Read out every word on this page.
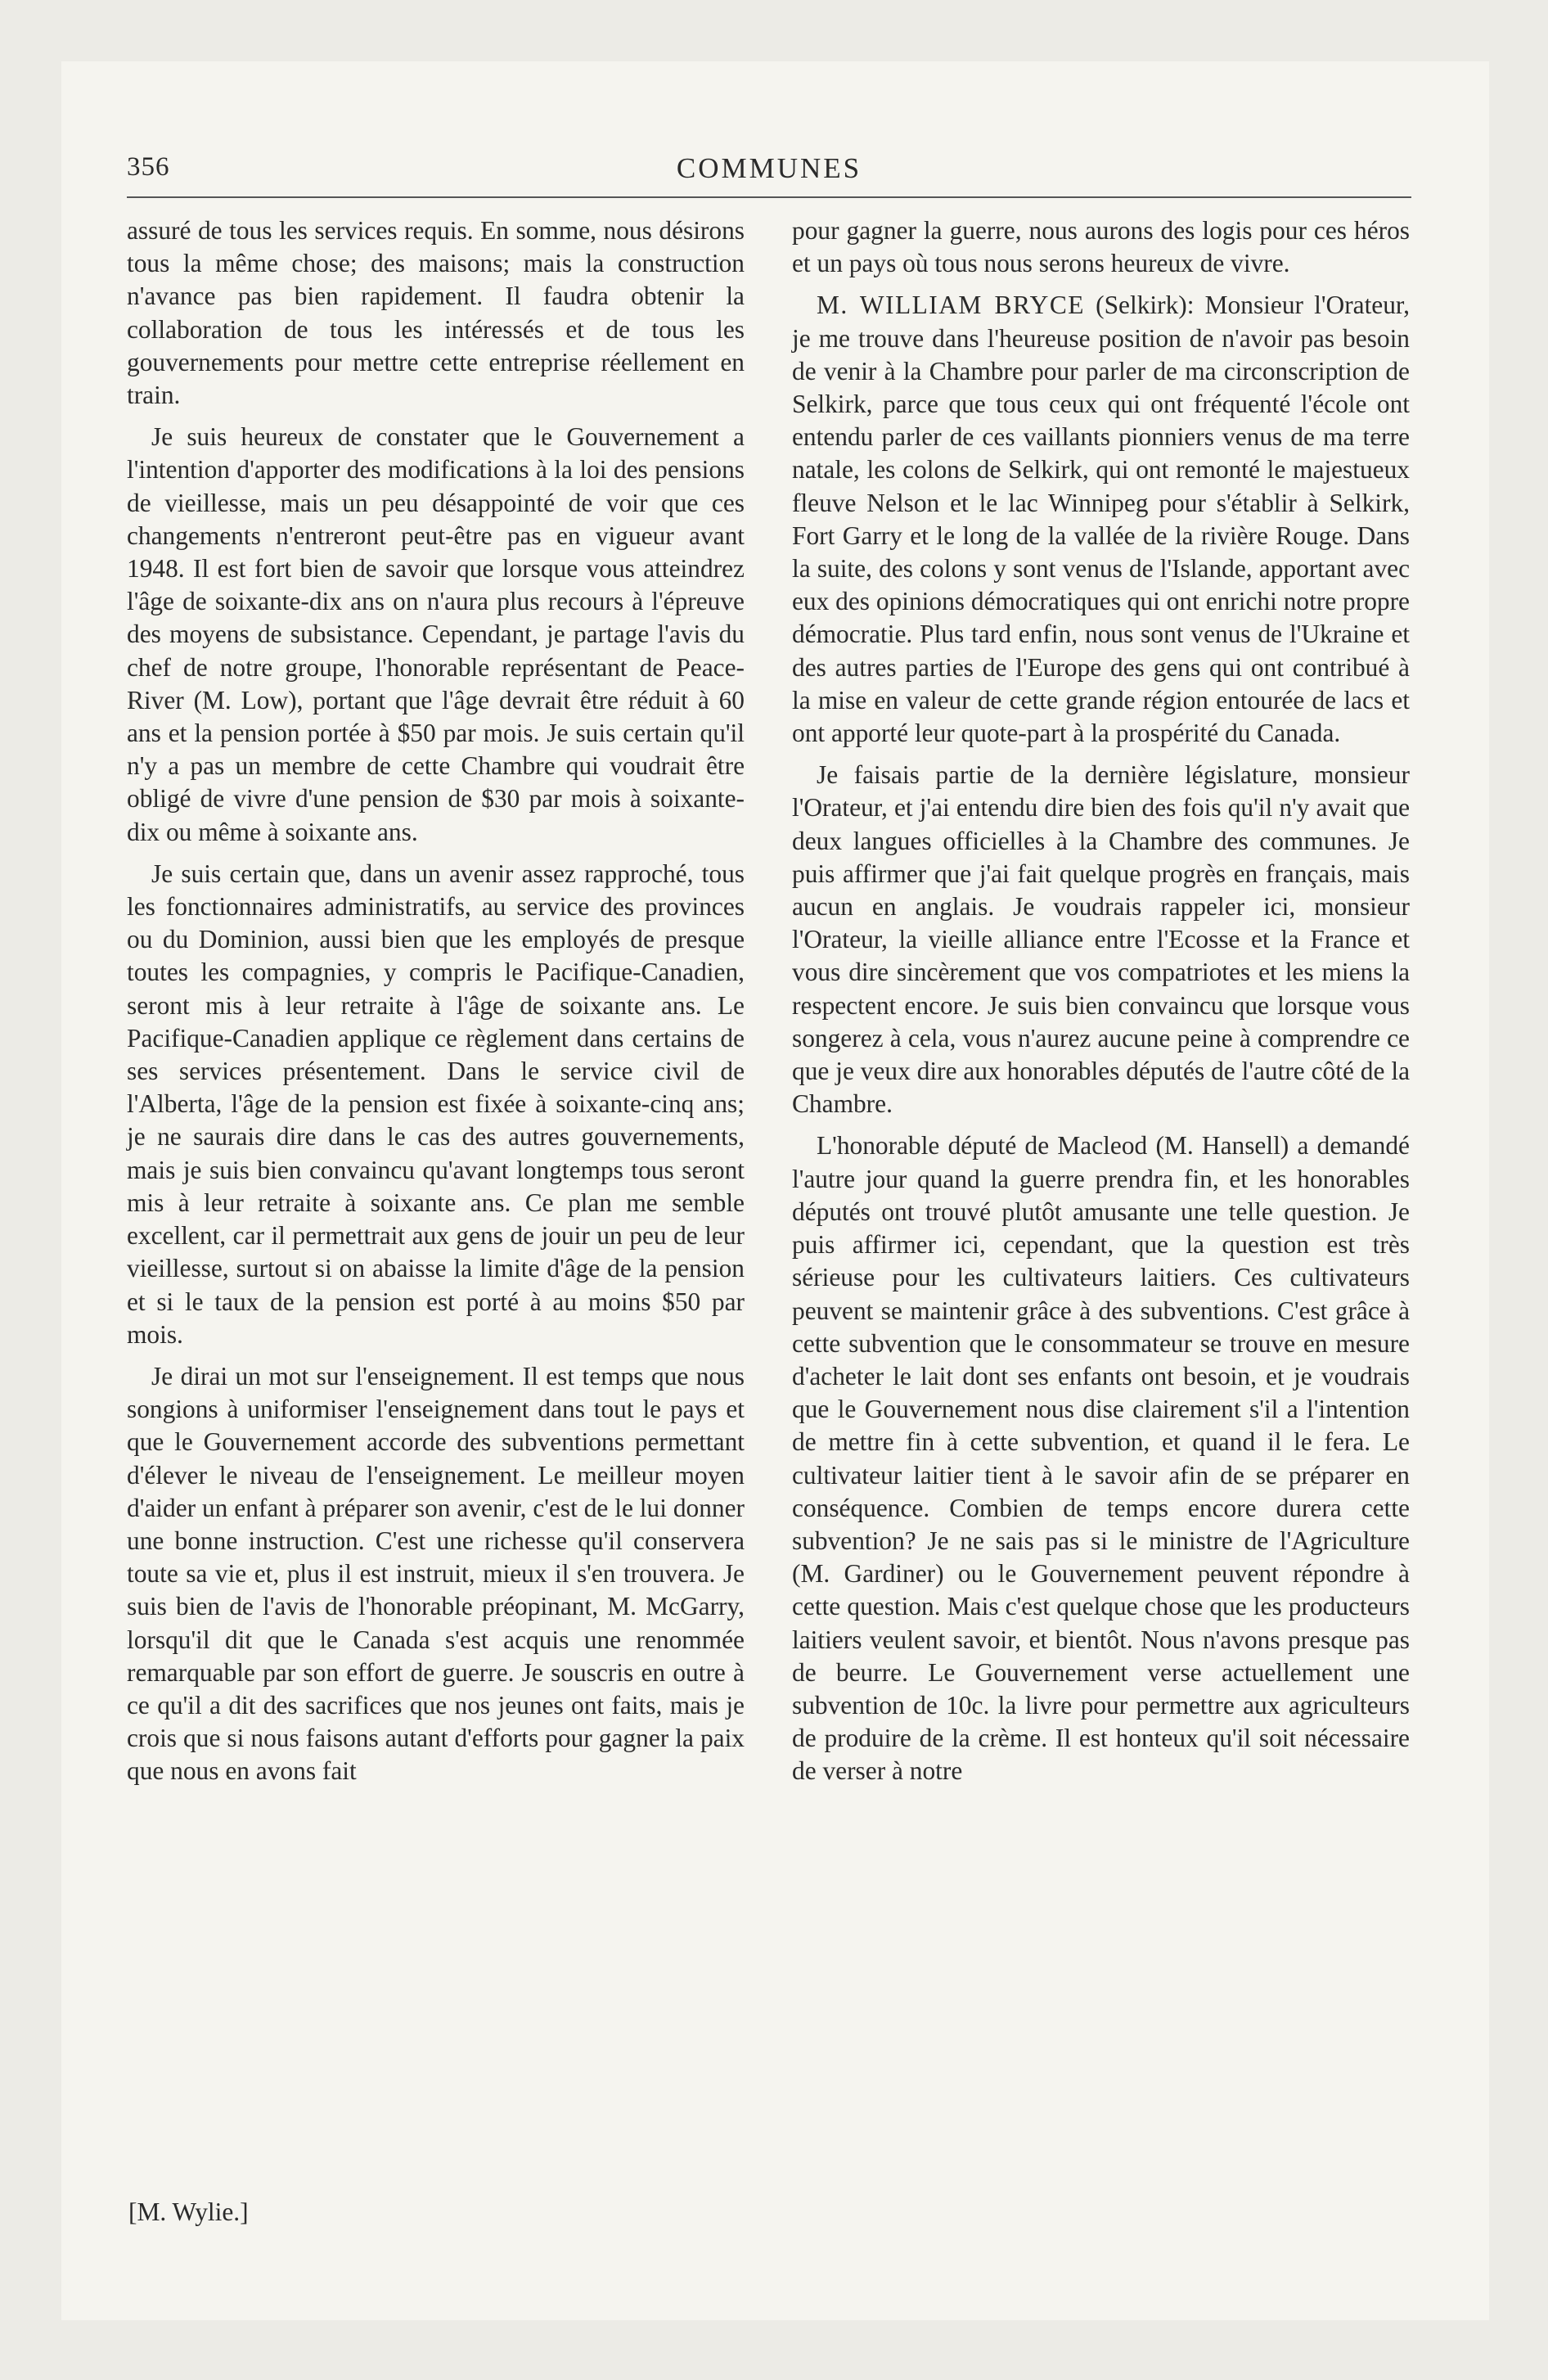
356	COMMUNES

assuré de tous les services requis. En somme, nous désirons tous la même chose; des maisons; mais la construction n'avance pas bien rapidement. Il faudra obtenir la collaboration de tous les intéressés et de tous les gouvernements pour mettre cette entreprise réellement en train.

Je suis heureux de constater que le Gouvernement a l'intention d'apporter des modifications à la loi des pensions de vieillesse, mais un peu désappointé de voir que ces changements n'entreront peut-être pas en vigueur avant 1948. Il est fort bien de savoir que lorsque vous atteindrez l'âge de soixante-dix ans on n'aura plus recours à l'épreuve des moyens de subsistance. Cependant, je partage l'avis du chef de notre groupe, l'honorable représentant de Peace-River (M. Low), portant que l'âge devrait être réduit à 60 ans et la pension portée à $50 par mois. Je suis certain qu'il n'y a pas un membre de cette Chambre qui voudrait être obligé de vivre d'une pension de $30 par mois à soixante-dix ou même à soixante ans.

Je suis certain que, dans un avenir assez rapproché, tous les fonctionnaires administratifs, au service des provinces ou du Dominion, aussi bien que les employés de presque toutes les compagnies, y compris le Pacifique-Canadien, seront mis à leur retraite à l'âge de soixante ans. Le Pacifique-Canadien applique ce règlement dans certains de ses services présentement. Dans le service civil de l'Alberta, l'âge de la pension est fixée à soixante-cinq ans; je ne saurais dire dans le cas des autres gouvernements, mais je suis bien convaincu qu'avant longtemps tous seront mis à leur retraite à soixante ans. Ce plan me semble excellent, car il permettrait aux gens de jouir un peu de leur vieillesse, surtout si on abaisse la limite d'âge de la pension et si le taux de la pension est porté à au moins $50 par mois.

Je dirai un mot sur l'enseignement. Il est temps que nous songions à uniformiser l'enseignement dans tout le pays et que le Gouvernement accorde des subventions permettant d'élever le niveau de l'enseignement. Le meilleur moyen d'aider un enfant à préparer son avenir, c'est de le lui donner une bonne instruction. C'est une richesse qu'il conservera toute sa vie et, plus il est instruit, mieux il s'en trouvera. Je suis bien de l'avis de l'honorable préopinant, M. McGarry, lorsqu'il dit que le Canada s'est acquis une renommée remarquable par son effort de guerre. Je souscris en outre à ce qu'il a dit des sacrifices que nos jeunes ont faits, mais je crois que si nous faisons autant d'efforts pour gagner la paix que nous en avons fait

pour gagner la guerre, nous aurons des logis pour ces héros et un pays où tous nous serons heureux de vivre.

M. WILLIAM BRYCE (Selkirk): Monsieur l'Orateur, je me trouve dans l'heureuse position de n'avoir pas besoin de venir à la Chambre pour parler de ma circonscription de Selkirk, parce que tous ceux qui ont fréquenté l'école ont entendu parler de ces vaillants pionniers venus de ma terre natale, les colons de Selkirk, qui ont remonté le majestueux fleuve Nelson et le lac Winnipeg pour s'établir à Selkirk, Fort Garry et le long de la vallée de la rivière Rouge. Dans la suite, des colons y sont venus de l'Islande, apportant avec eux des opinions démocratiques qui ont enrichi notre propre démocratie. Plus tard enfin, nous sont venus de l'Ukraine et des autres parties de l'Europe des gens qui ont contribué à la mise en valeur de cette grande région entourée de lacs et ont apporté leur quote-part à la prospérité du Canada.

Je faisais partie de la dernière législature, monsieur l'Orateur, et j'ai entendu dire bien des fois qu'il n'y avait que deux langues officielles à la Chambre des communes. Je puis affirmer que j'ai fait quelque progrès en français, mais aucun en anglais. Je voudrais rappeler ici, monsieur l'Orateur, la vieille alliance entre l'Ecosse et la France et vous dire sincèrement que vos compatriotes et les miens la respectent encore. Je suis bien convaincu que lorsque vous songerez à cela, vous n'aurez aucune peine à comprendre ce que je veux dire aux honorables députés de l'autre côté de la Chambre.

L'honorable député de Macleod (M. Hansell) a demandé l'autre jour quand la guerre prendra fin, et les honorables députés ont trouvé plutôt amusante une telle question. Je puis affirmer ici, cependant, que la question est très sérieuse pour les cultivateurs laitiers. Ces cultivateurs peuvent se maintenir grâce à des subventions. C'est grâce à cette subvention que le consommateur se trouve en mesure d'acheter le lait dont ses enfants ont besoin, et je voudrais que le Gouvernement nous dise clairement s'il a l'intention de mettre fin à cette subvention, et quand il le fera. Le cultivateur laitier tient à le savoir afin de se préparer en conséquence. Combien de temps encore durera cette subvention? Je ne sais pas si le ministre de l'Agriculture (M. Gardiner) ou le Gouvernement peuvent répondre à cette question. Mais c'est quelque chose que les producteurs laitiers veulent savoir, et bientôt. Nous n'avons presque pas de beurre. Le Gouvernement verse actuellement une subvention de 10c. la livre pour permettre aux agriculteurs de produire de la crème. Il est honteux qu'il soit nécessaire de verser à notre

[M. Wylie.]
